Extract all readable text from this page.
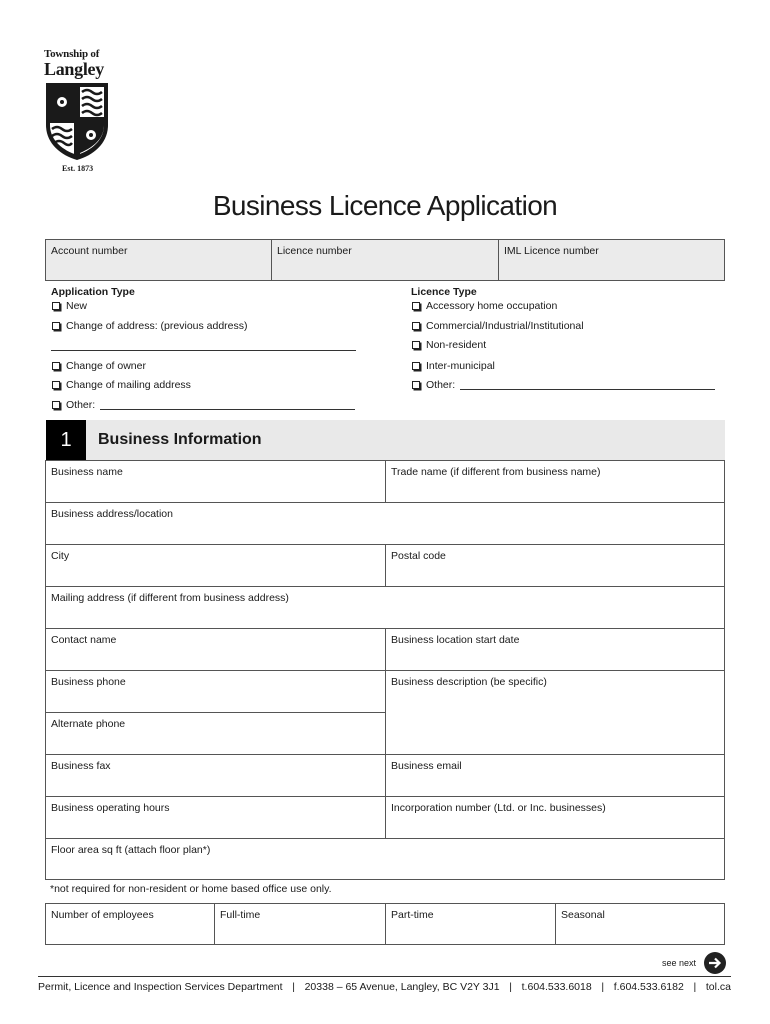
Township of
Langley
Est. 1873
Business Licence Application
Account number	Licence number	IML Licence number
Application Type
New
Change of address: (previous address)
Change of owner
Change of mailing address
Other:
Licence Type
Accessory home occupation
Commercial/Industrial/Institutional
Non-resident
Inter-municipal
Other:
1	Business Information
Business name	Trade name (if different from business name)
Business address/location
City	Postal code
Mailing address (if different from business address)
Contact name	Business location start date
Business phone	Business description (be specific)
Alternate phone
Business fax	Business email
Business operating hours	Incorporation number (Ltd. or Inc. businesses)
Floor area sq ft (attach floor plan*)
*not required for non-resident or home based office use only.
Number of employees	Full-time	Part-time	Seasonal
see next
Permit, Licence and Inspection Services Department | 20338 – 65 Avenue, Langley, BC V2Y 3J1 | t.604.533.6018 | f.604.533.6182 | tol.ca
